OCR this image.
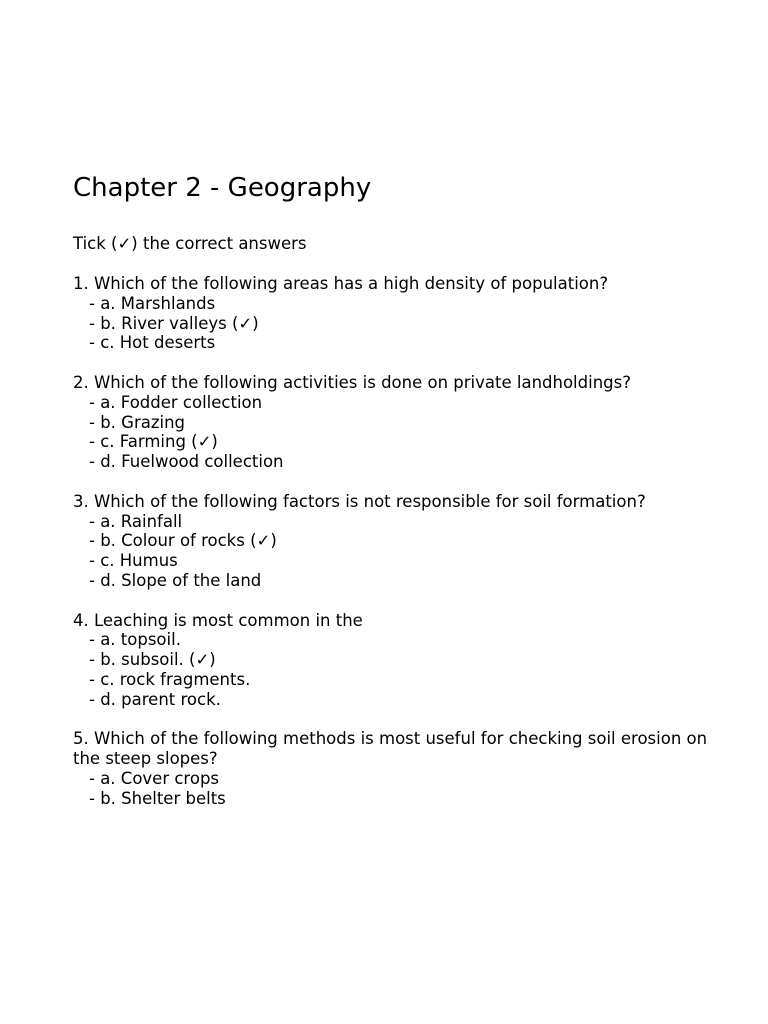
Chapter 2 - Geography
Tick (✓) the correct answers
1. Which of the following areas has a high density of population?
- a. Marshlands
- b. River valleys (✓)
- c. Hot deserts
2. Which of the following activities is done on private landholdings?
- a. Fodder collection
- b. Grazing
- c. Farming (✓)
- d. Fuelwood collection
3. Which of the following factors is not responsible for soil formation?
- a. Rainfall
- b. Colour of rocks (✓)
- c. Humus
- d. Slope of the land
4. Leaching is most common in the
- a. topsoil.
- b. subsoil. (✓)
- c. rock fragments.
- d. parent rock.
5. Which of the following methods is most useful for checking soil erosion on the steep slopes?
- a. Cover crops
- b. Shelter belts
